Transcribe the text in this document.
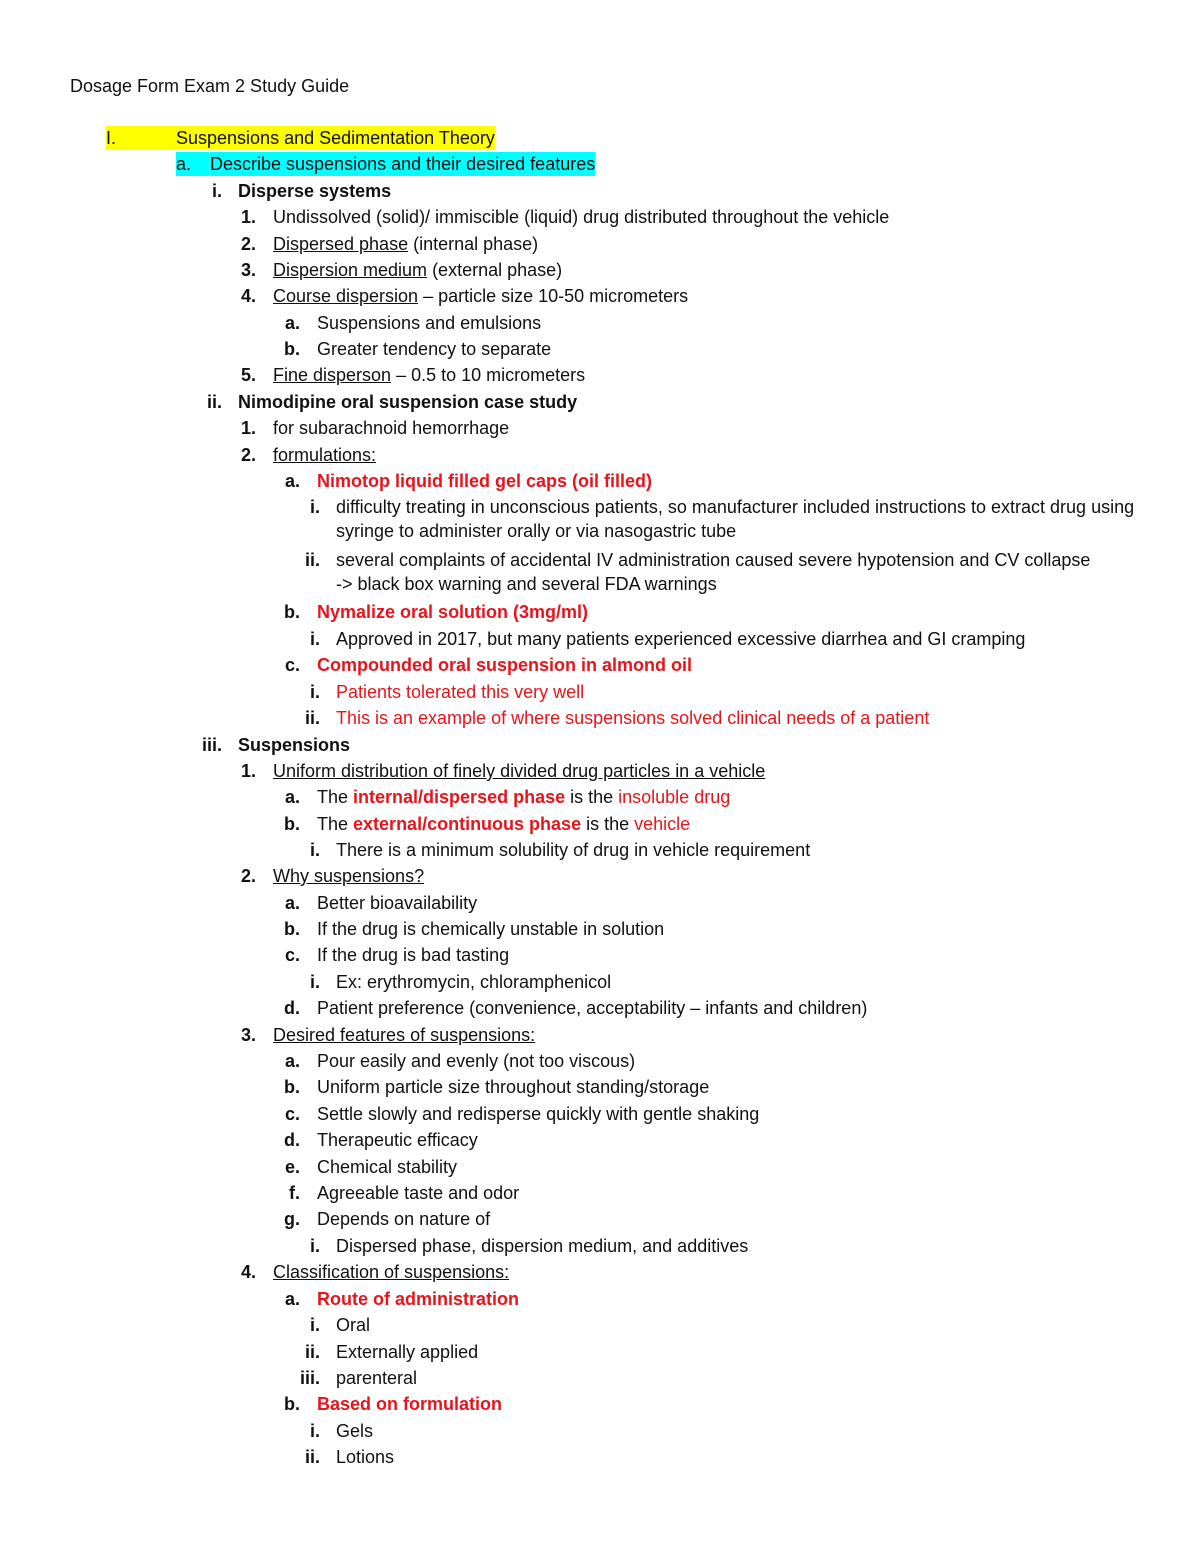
Dosage Form Exam 2 Study Guide
I.	Suspensions and Sedimentation Theory
a.	Describe suspensions and their desired features
i. Disperse systems
1. Undissolved (solid)/ immiscible (liquid) drug distributed throughout the vehicle
2. Dispersed phase (internal phase)
3. Dispersion medium (external phase)
4. Course dispersion – particle size 10-50 micrometers
a. Suspensions and emulsions
b. Greater tendency to separate
5. Fine disperson – 0.5 to 10 micrometers
ii. Nimodipine oral suspension case study
1. for subarachnoid hemorrhage
2. formulations:
a. Nimotop liquid filled gel caps (oil filled)
i. difficulty treating in unconscious patients, so manufacturer included instructions to extract drug using syringe to administer orally or via nasogastric tube
ii. several complaints of accidental IV administration caused severe hypotension and CV collapse -> black box warning and several FDA warnings
b. Nymalize oral solution (3mg/ml)
i. Approved in 2017, but many patients experienced excessive diarrhea and GI cramping
c. Compounded oral suspension in almond oil
i. Patients tolerated this very well
ii. This is an example of where suspensions solved clinical needs of a patient
iii. Suspensions
1. Uniform distribution of finely divided drug particles in a vehicle
a. The internal/dispersed phase is the insoluble drug
b. The external/continuous phase is the vehicle
i. There is a minimum solubility of drug in vehicle requirement
2. Why suspensions?
a. Better bioavailability
b. If the drug is chemically unstable in solution
c. If the drug is bad tasting
i. Ex: erythromycin, chloramphenicol
d. Patient preference (convenience, acceptability – infants and children)
3. Desired features of suspensions:
a. Pour easily and evenly (not too viscous)
b. Uniform particle size throughout standing/storage
c. Settle slowly and redisperse quickly with gentle shaking
d. Therapeutic efficacy
e. Chemical stability
f. Agreeable taste and odor
g. Depends on nature of
i. Dispersed phase, dispersion medium, and additives
4. Classification of suspensions:
a. Route of administration
i. Oral
ii. Externally applied
iii. parenteral
b. Based on formulation
i. Gels
ii. Lotions
